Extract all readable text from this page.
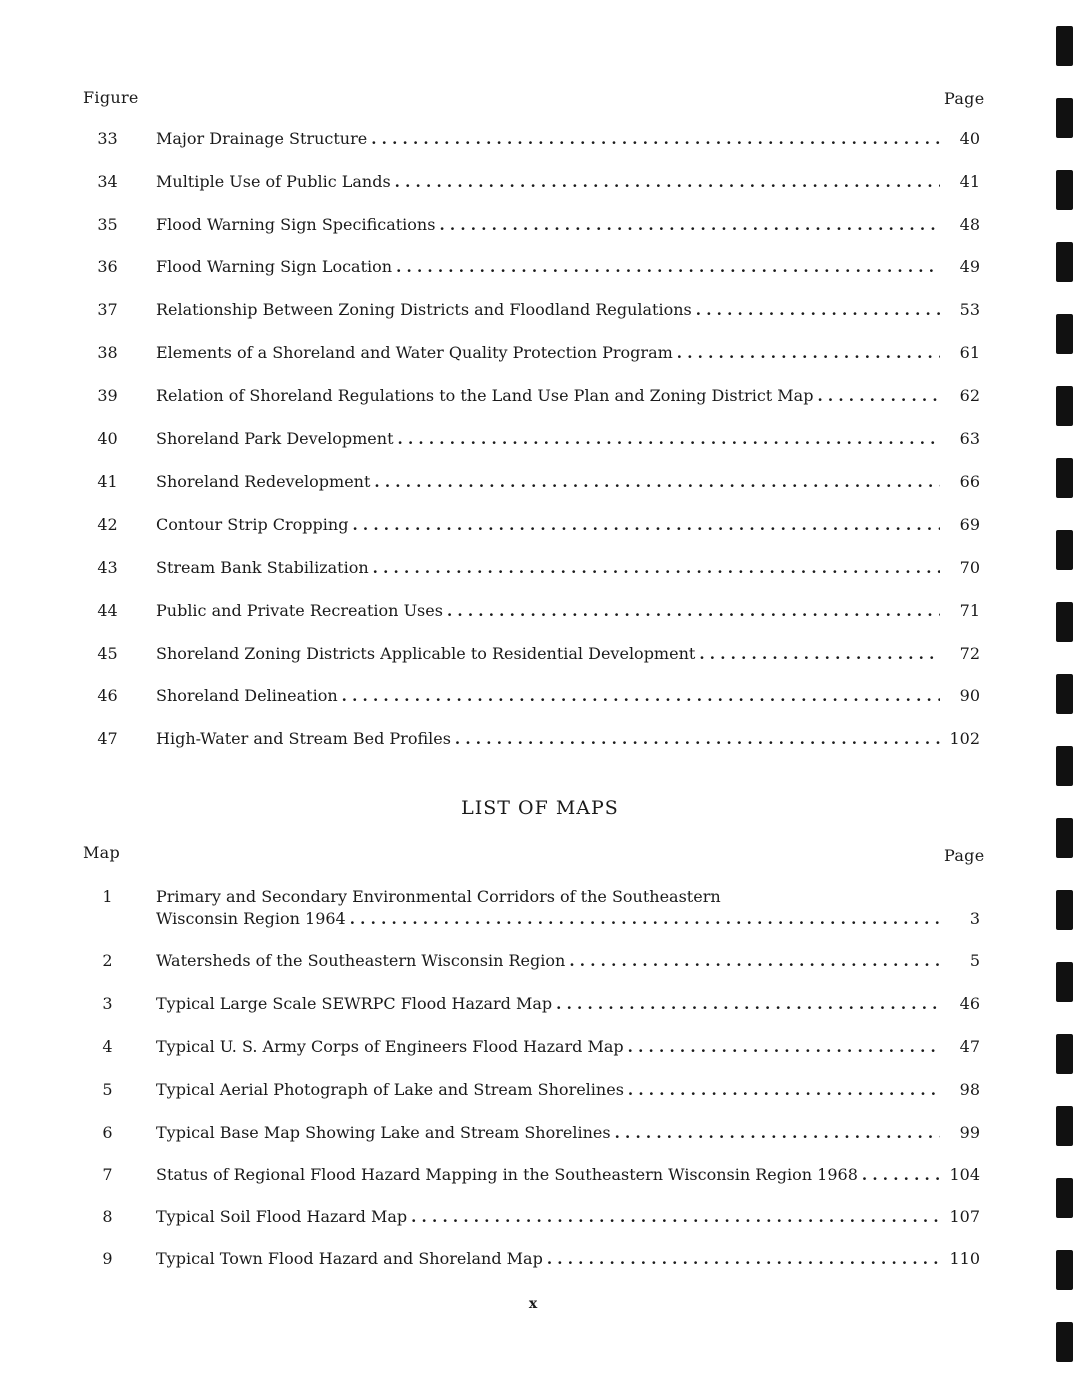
Figure	Page
33	Major Drainage Structure . . .	40
34	Multiple Use of Public Lands . . .	41
35	Flood Warning Sign Specifications . . .	48
36	Flood Warning Sign Location . . .	49
37	Relationship Between Zoning Districts and Floodland Regulations . . .	53
38	Elements of a Shoreland and Water Quality Protection Program . . .	61
39	Relation of Shoreland Regulations to the Land Use Plan and Zoning District Map . . .	62
40	Shoreland Park Development . . .	63
41	Shoreland Redevelopment . . .	66
42	Contour Strip Cropping . . .	69
43	Stream Bank Stabilization . . .	70
44	Public and Private Recreation Uses . . .	71
45	Shoreland Zoning Districts Applicable to Residential Development . . .	72
46	Shoreland Delineation . . .	90
47	High-Water and Stream Bed Profiles . . .	102
LIST OF MAPS
Map	Page
1	Primary and Secondary Environmental Corridors of the Southeastern
Wisconsin Region 1964 . . .	3
2	Watersheds of the Southeastern Wisconsin Region . . .	5
3	Typical Large Scale SEWRPC Flood Hazard Map . . .	46
4	Typical U. S. Army Corps of Engineers Flood Hazard Map . . .	47
5	Typical Aerial Photograph of Lake and Stream Shorelines . . .	98
6	Typical Base Map Showing Lake and Stream Shorelines . . .	99
7	Status of Regional Flood Hazard Mapping in the Southeastern Wisconsin Region 1968 . . .	104
8	Typical Soil Flood Hazard Map . . .	107
9	Typical Town Flood Hazard and Shoreland Map . . .	110
x
